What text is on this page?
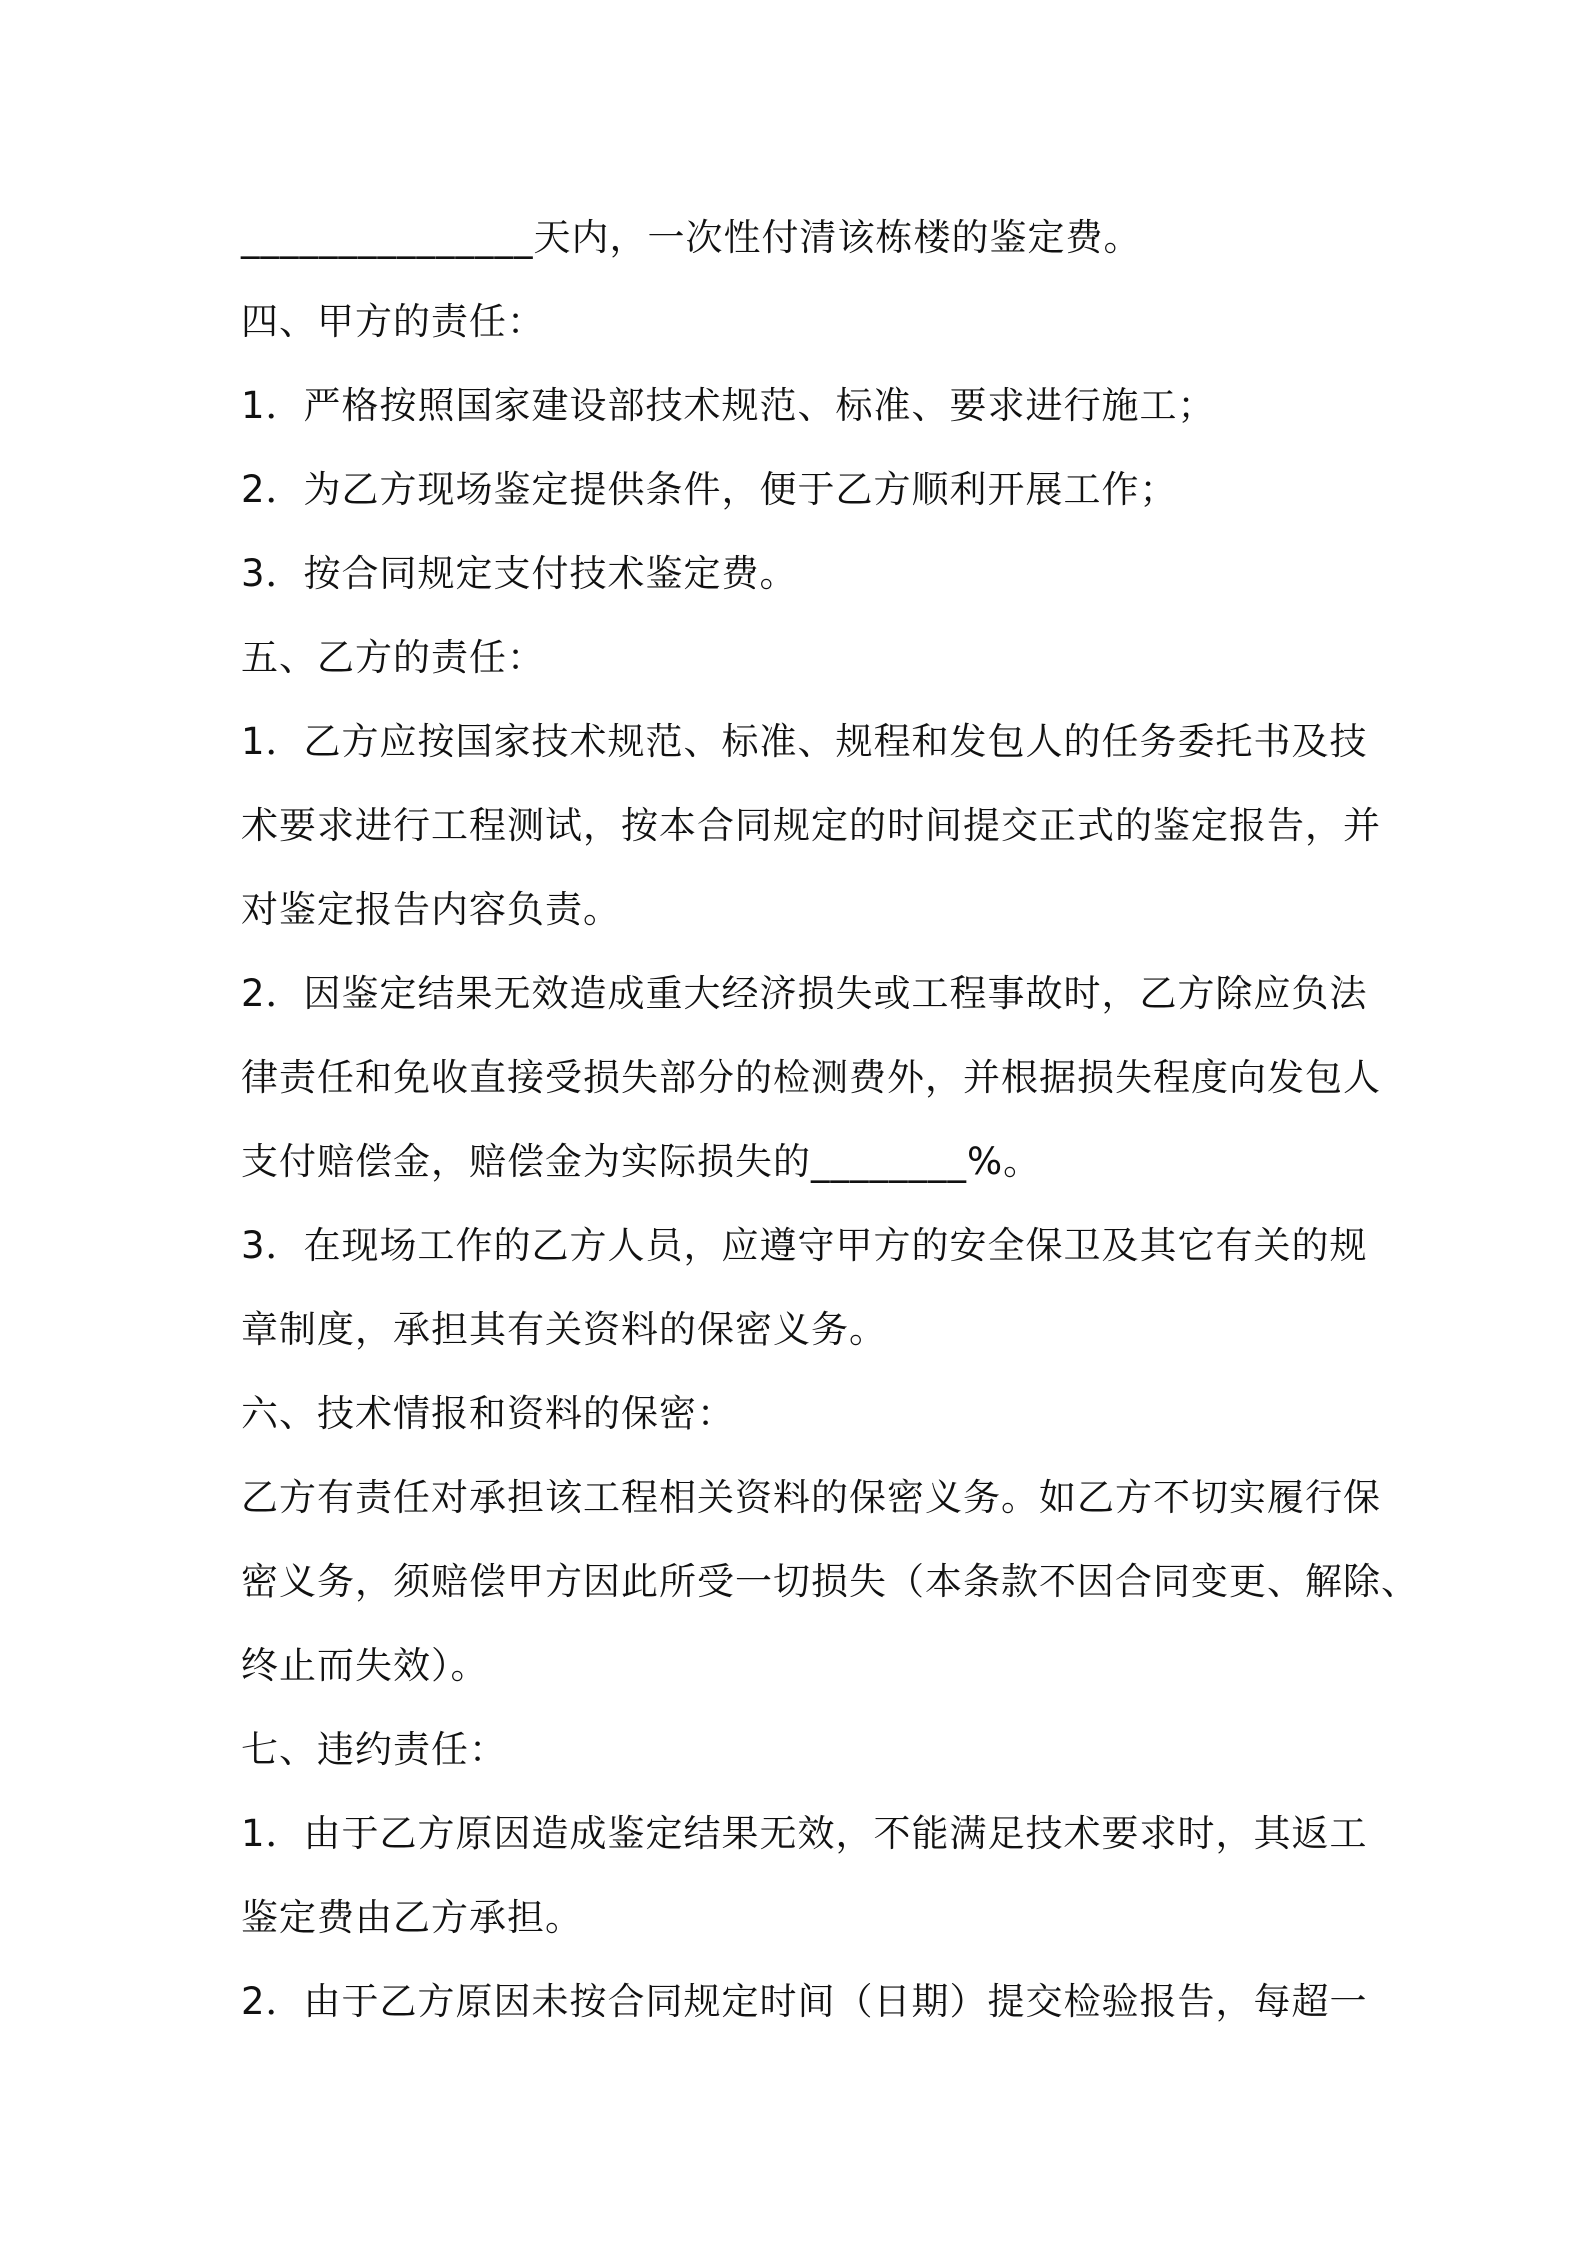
_______________天内，一次性付清该栋楼的鉴定费。
四、甲方的责任：
1．严格按照国家建设部技术规范、标准、要求进行施工；
2．为乙方现场鉴定提供条件，便于乙方顺利开展工作；
3．按合同规定支付技术鉴定费。
五、乙方的责任：
1．乙方应按国家技术规范、标准、规程和发包人的任务委托书及技
术要求进行工程测试，按本合同规定的时间提交正式的鉴定报告，并
对鉴定报告内容负责。
2．因鉴定结果无效造成重大经济损失或工程事故时，乙方除应负法
律责任和免收直接受损失部分的检测费外，并根据损失程度向发包人
支付赔偿金，赔偿金为实际损失的________%。
3．在现场工作的乙方人员，应遵守甲方的安全保卫及其它有关的规
章制度，承担其有关资料的保密义务。
六、技术情报和资料的保密：
乙方有责任对承担该工程相关资料的保密义务。如乙方不切实履行保
密义务，须赔偿甲方因此所受一切损失（本条款不因合同变更、解除、
终止而失效）。
七、违约责任：
1．由于乙方原因造成鉴定结果无效，不能满足技术要求时，其返工
鉴定费由乙方承担。
2．由于乙方原因未按合同规定时间（日期）提交检验报告，每超一
